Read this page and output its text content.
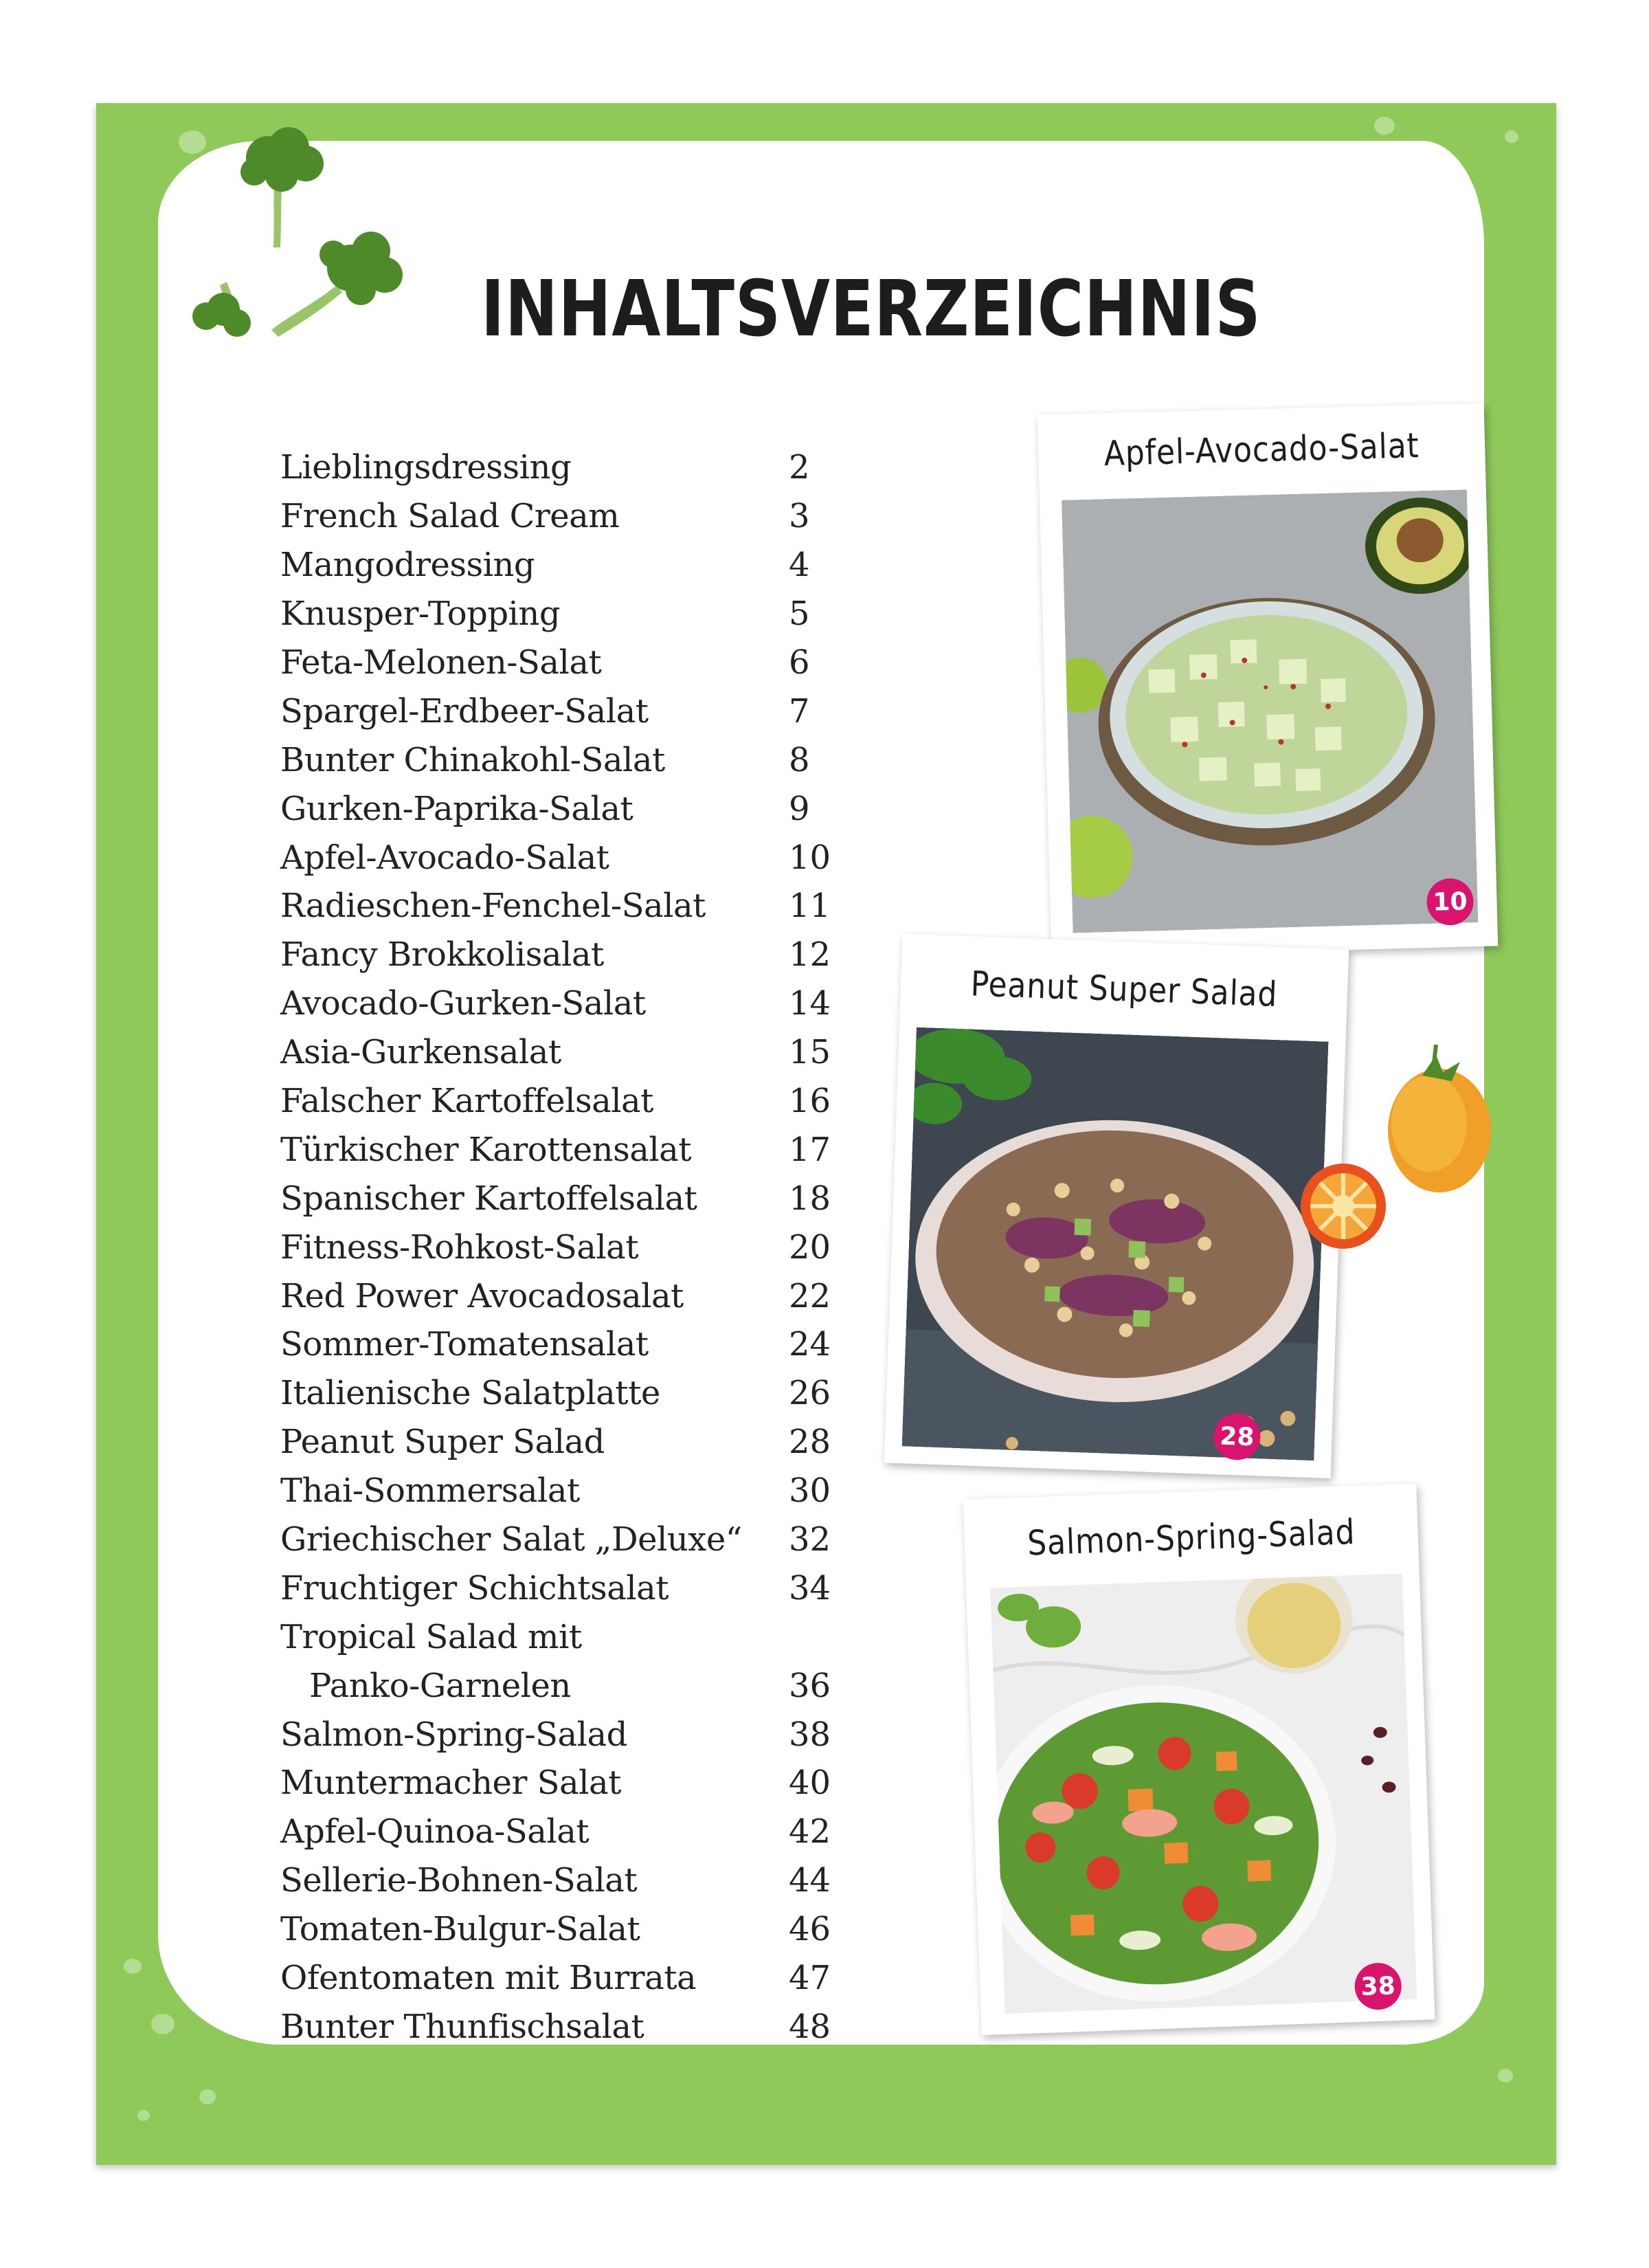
INHALTSVERZEICHNIS
Lieblingsdressing	2
French Salad Cream	3
Mangodressing	4
Knusper-Topping	5
Feta-Melonen-Salat	6
Spargel-Erdbeer-Salat	7
Bunter Chinakohl-Salat	8
Gurken-Paprika-Salat	9
Apfel-Avocado-Salat	10
Radieschen-Fenchel-Salat	11
Fancy Brokkolisalat	12
Avocado-Gurken-Salat	14
Asia-Gurkensalat	15
Falscher Kartoffelsalat	16
Türkischer Karottensalat	17
Spanischer Kartoffelsalat	18
Fitness-Rohkost-Salat	20
Red Power Avocadosalat	22
Sommer-Tomatensalat	24
Italienische Salatplatte	26
Peanut Super Salad	28
Thai-Sommersalat	30
Griechischer Salat „Deluxe“	32
Fruchtiger Schichtsalat	34
Tropical Salad mit
Panko-Garnelen	36
Salmon-Spring-Salad	38
Muntermacher Salat	40
Apfel-Quinoa-Salat	42
Sellerie-Bohnen-Salat	44
Tomaten-Bulgur-Salat	46
Ofentomaten mit Burrata	47
Bunter Thunfischsalat	48
Apfel-Avocado-Salat
10
Peanut Super Salad
28
Salmon-Spring-Salad
38
